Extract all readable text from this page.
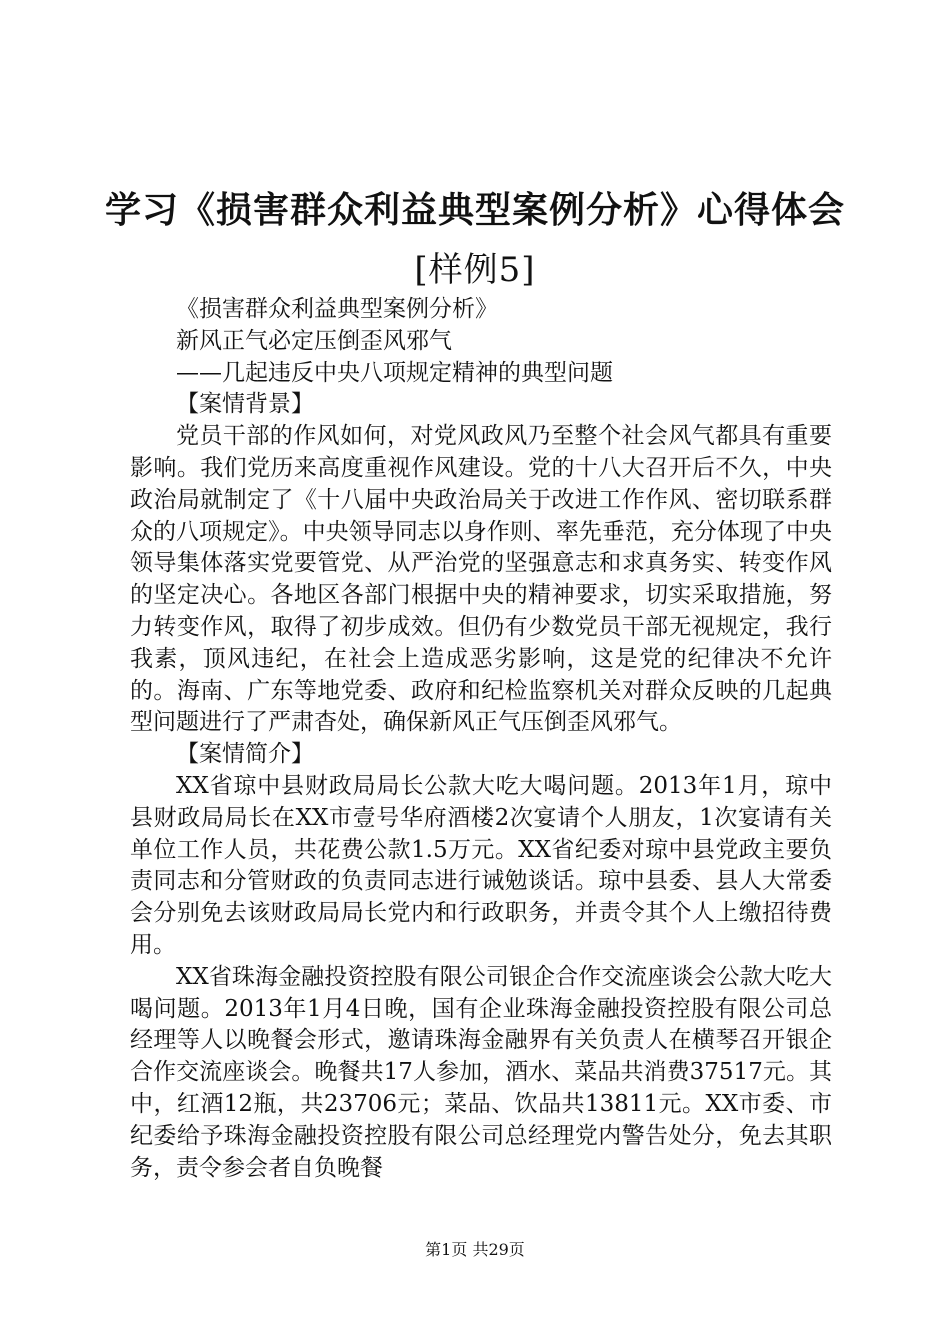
学习《损害群众利益典型案例分析》心得体会
[样例5]

《损害群众利益典型案例分析》

新风正气必定压倒歪风邪气

——几起违反中央八项规定精神的典型问题

【案情背景】

党员干部的作风如何，对党风政风乃至整个社会风气都具有重要影响。我们党历来高度重视作风建设。党的十八大召开后不久，中央政治局就制定了《十八届中央政治局关于改进工作作风、密切联系群众的八项规定》。中央领导同志以身作则、率先垂范，充分体现了中央领导集体落实党要管党、从严治党的坚强意志和求真务实、转变作风的坚定决心。各地区各部门根据中央的精神要求，切实采取措施，努力转变作风，取得了初步成效。但仍有少数党员干部无视规定，我行我素，顶风违纪，在社会上造成恶劣影响，这是党的纪律决不允许的。海南、广东等地党委、政府和纪检监察机关对群众反映的几起典型问题进行了严肃杳处，确保新风正气压倒歪风邪气。

【案情简介】

XX省琼中县财政局局长公款大吃大喝问题。2013年1月，琼中县财政局局长在XX市壹号华府酒楼2次宴请个人朋友，1次宴请有关单位工作人员，共花费公款1.5万元。XX省纪委对琼中县党政主要负责同志和分管财政的负责同志进行诫勉谈话。琼中县委、县人大常委会分别免去该财政局局长党内和行政职务，并责令其个人上缴招待费用。

XX省珠海金融投资控股有限公司银企合作交流座谈会公款大吃大喝问题。2013年1月4日晚，国有企业珠海金融投资控股有限公司总经理等人以晚餐会形式，邀请珠海金融界有关负责人在横琴召开银企合作交流座谈会。晚餐共17人参加，酒水、菜品共消费37517元。其中，红酒12瓶，共23706元；菜品、饮品共13811元。XX市委、市纪委给予珠海金融投资控股有限公司总经理党内警告处分，免去其职务，责令参会者自负晚餐

第1页 共29页
